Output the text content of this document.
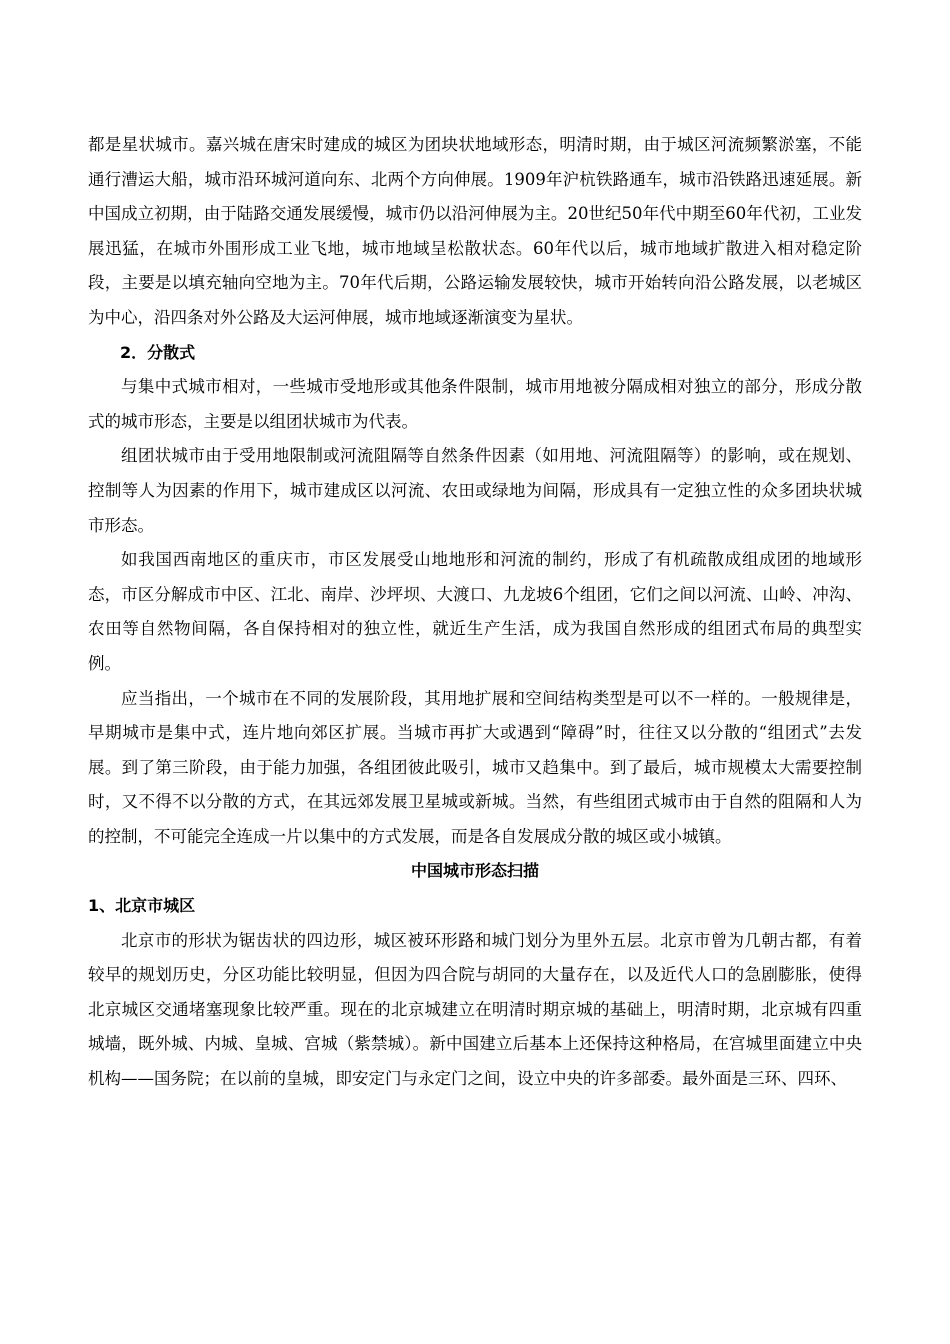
都是星状城市。嘉兴城在唐宋时建成的城区为团块状地域形态，明清时期，由于城区河流频繁淤塞，不能通行漕运大船，城市沿环城河道向东、北两个方向伸展。1909年沪杭铁路通车，城市沿铁路迅速延展。新中国成立初期，由于陆路交通发展缓慢，城市仍以沿河伸展为主。20世纪50年代中期至60年代初，工业发展迅猛，在城市外围形成工业飞地，城市地域呈松散状态。60年代以后，城市地域扩散进入相对稳定阶段，主要是以填充轴向空地为主。70年代后期，公路运输发展较快，城市开始转向沿公路发展，以老城区为中心，沿四条对外公路及大运河伸展，城市地域逐渐演变为星状。

2．分散式

与集中式城市相对，一些城市受地形或其他条件限制，城市用地被分隔成相对独立的部分，形成分散式的城市形态，主要是以组团状城市为代表。

组团状城市由于受用地限制或河流阻隔等自然条件因素（如用地、河流阻隔等）的影响，或在规划、控制等人为因素的作用下，城市建成区以河流、农田或绿地为间隔，形成具有一定独立性的众多团块状城市形态。

如我国西南地区的重庆市，市区发展受山地地形和河流的制约，形成了有机疏散成组成团的地域形态，市区分解成市中区、江北、南岸、沙坪坝、大渡口、九龙坡6个组团，它们之间以河流、山岭、冲沟、农田等自然物间隔，各自保持相对的独立性，就近生产生活，成为我国自然形成的组团式布局的典型实例。

应当指出，一个城市在不同的发展阶段，其用地扩展和空间结构类型是可以不一样的。一般规律是，早期城市是集中式，连片地向郊区扩展。当城市再扩大或遇到“障碍”时，往往又以分散的“组团式”去发展。到了第三阶段，由于能力加强，各组团彼此吸引，城市又趋集中。到了最后，城市规模太大需要控制时，又不得不以分散的方式，在其远郊发展卫星城或新城。当然，有些组团式城市由于自然的阻隔和人为的控制，不可能完全连成一片以集中的方式发展，而是各自发展成分散的城区或小城镇。

中国城市形态扫描

1、北京市城区

北京市的形状为锯齿状的四边形，城区被环形路和城门划分为里外五层。北京市曾为几朝古都，有着较早的规划历史，分区功能比较明显，但因为四合院与胡同的大量存在，以及近代人口的急剧膨胀，使得北京城区交通堵塞现象比较严重。现在的北京城建立在明清时期京城的基础上，明清时期，北京城有四重城墙，既外城、内城、皇城、宫城（紫禁城）。新中国建立后基本上还保持这种格局，在宫城里面建立中央机构——国务院；在以前的皇城，即安定门与永定门之间，设立中央的许多部委。最外面是三环、四环、
